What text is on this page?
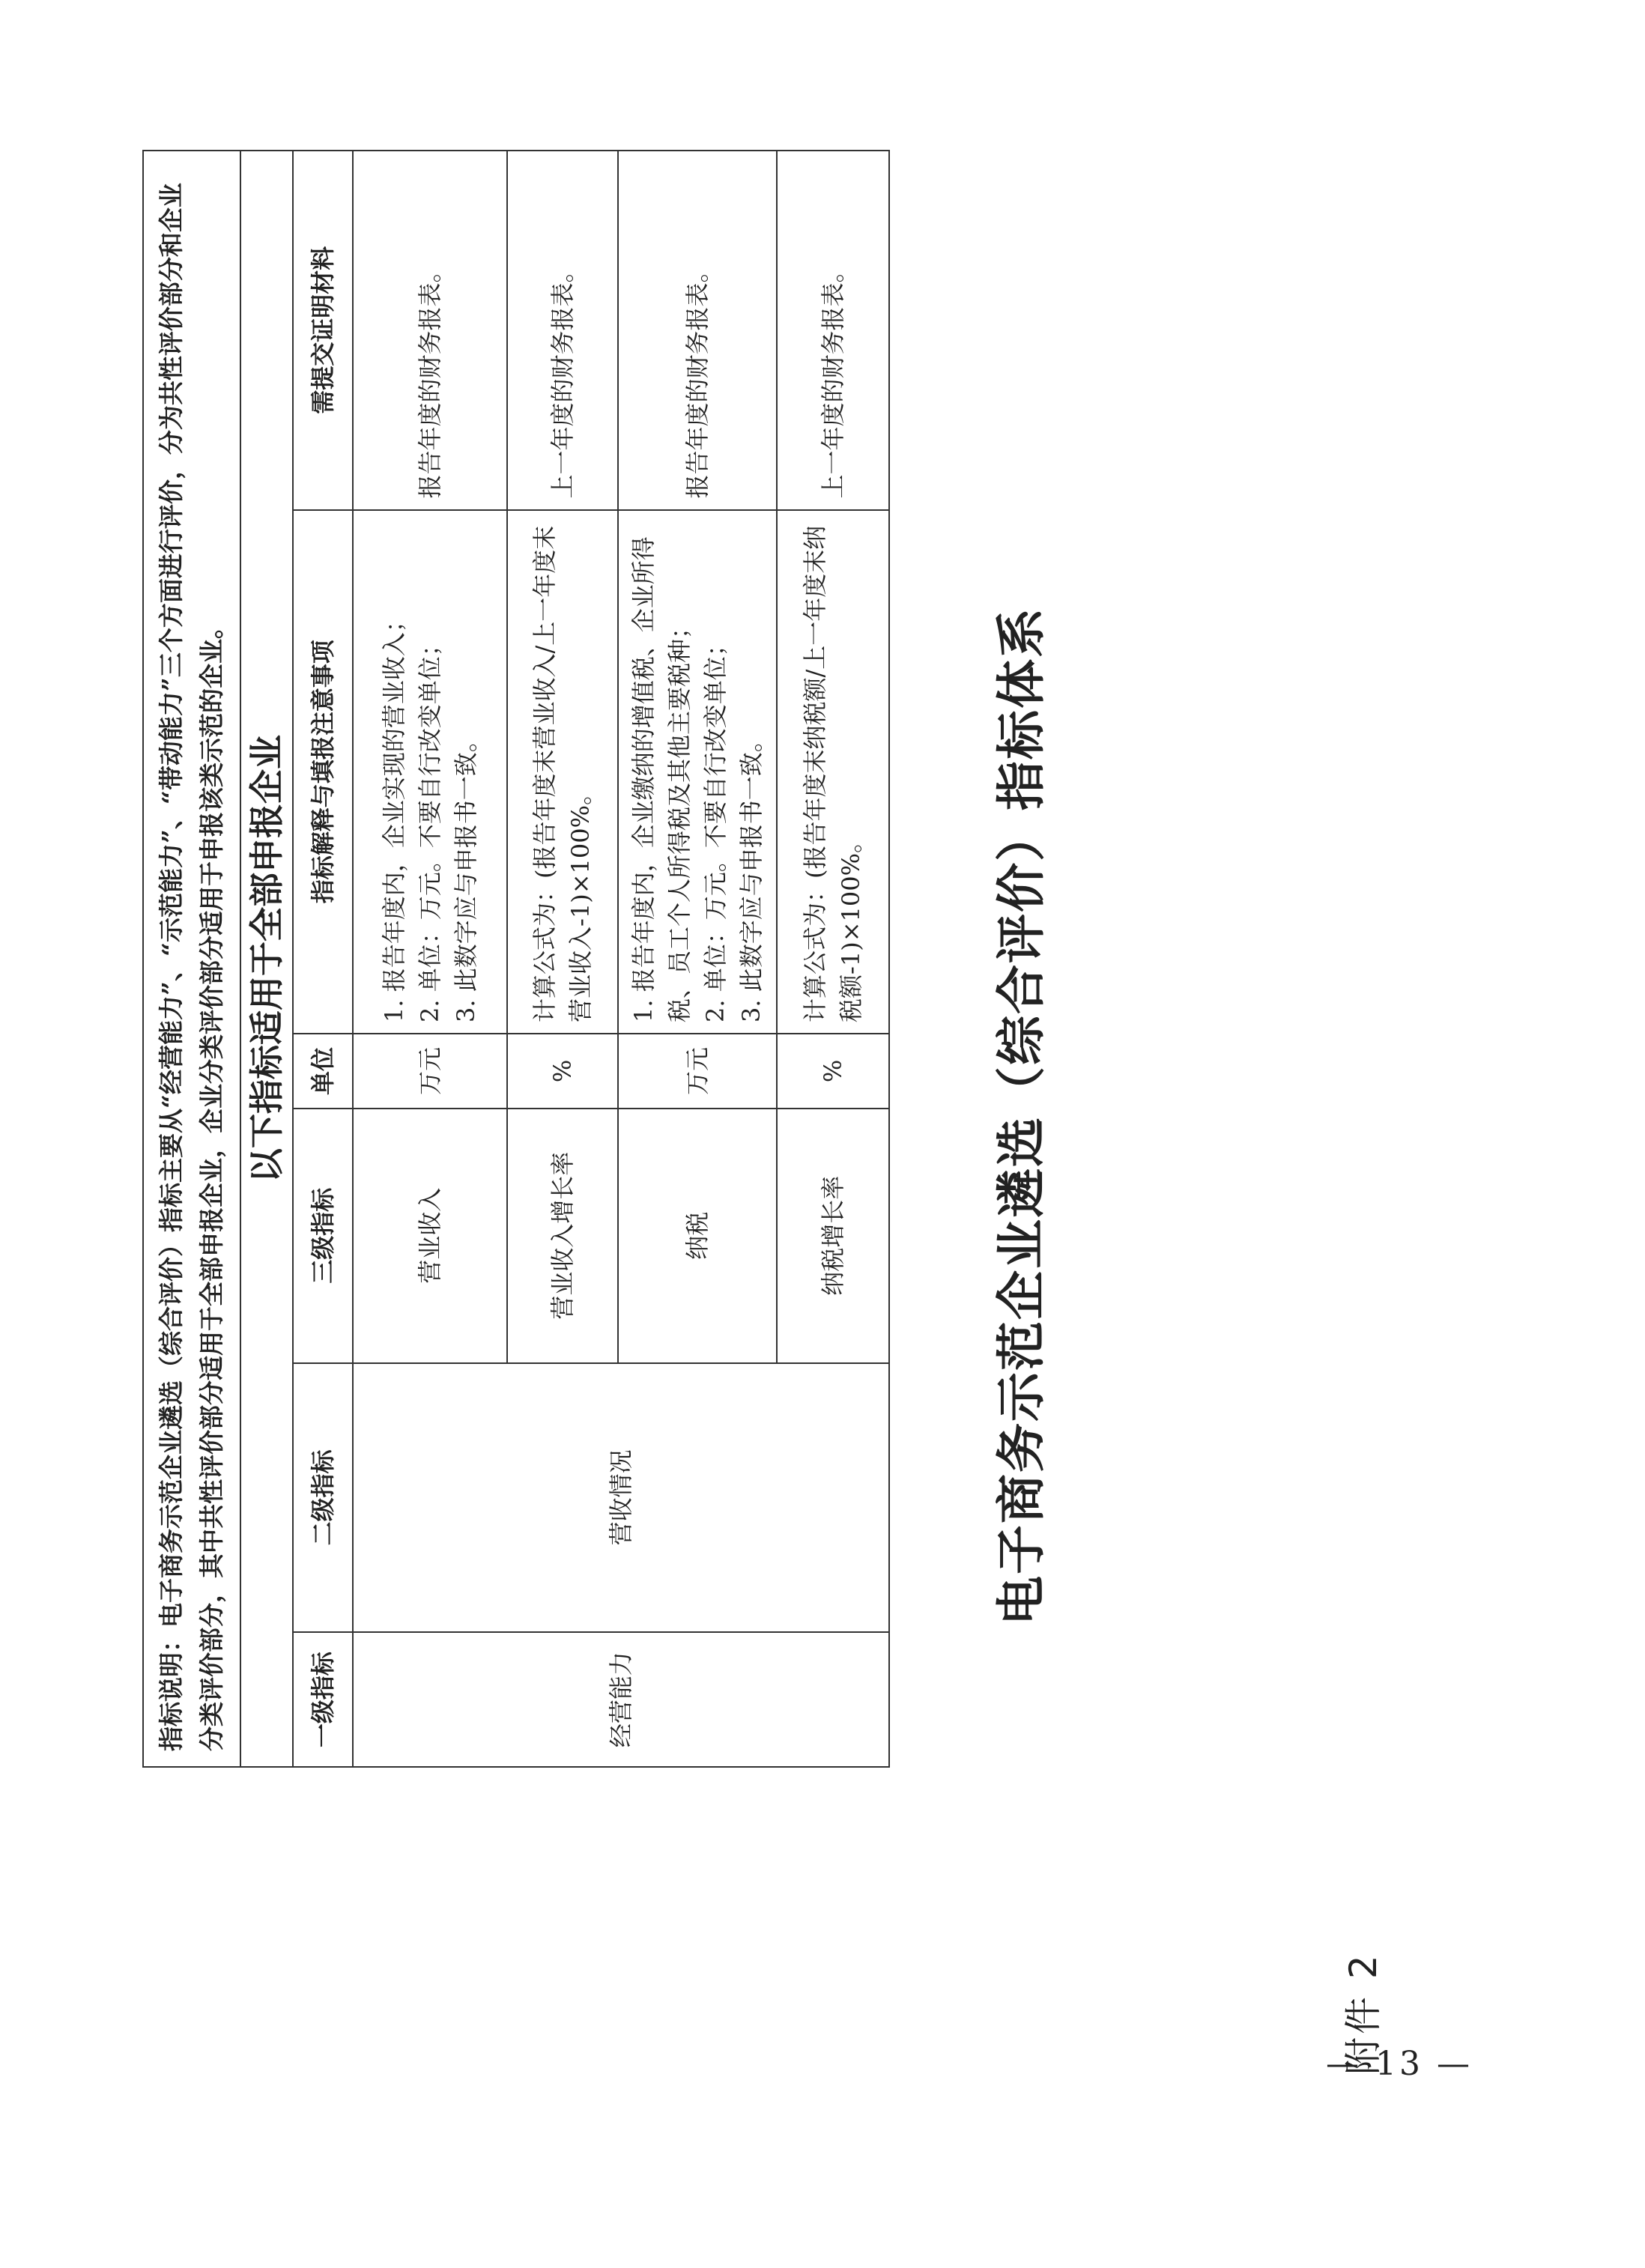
附件 2
电子商务示范企业遴选（综合评价）指标体系
指标说明：电子商务示范企业遴选（综合评价）指标主要从“经营能力”、“示范能力”、“带动能力”三个方面进行评价，分为共性评价部分和企业分类评价部分，其中共性评价部分适用于全部申报企业，企业分类评价部分适用于申报该类示范的企业。					
以下指标适用于全部申报企业					
一级指标	二级指标	三级指标	单位	指标解释与填报注意事项	需提交证明材料
经营能力	营收情况	营业收入	万元	1. 报告年度内，企业实现的营业收入； 2. 单位：万元。不要自行改变单位； 3. 此数字应与申报书一致。	报告年度的财务报表。
		营业收入增长率	%	计算公式为：(报告年度末营业收入/上一年度末营业收入-1)×100%。	上一年度的财务报表。
		纳税	万元	1. 报告年度内，企业缴纳的增值税、企业所得税、员工个人所得税及其他主要税种； 2. 单位：万元。不要自行改变单位； 3. 此数字应与申报书一致。	报告年度的财务报表。
		纳税增长率	%	计算公式为：(报告年度末纳税额/上一年度末纳税额-1)×100%。	上一年度的财务报表。
— 13 —
